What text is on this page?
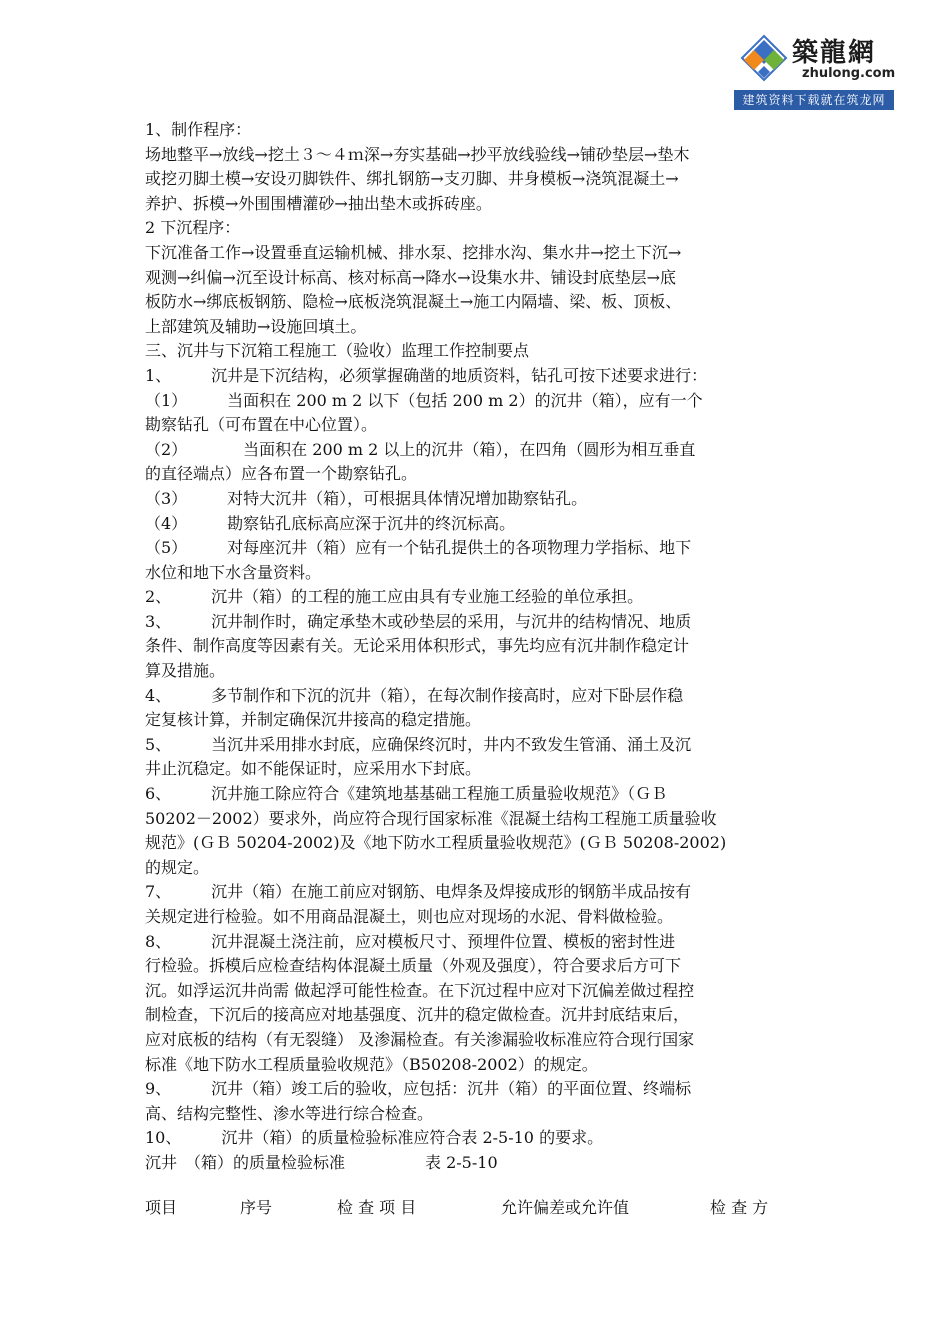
築龍網
zhulong.com
建筑资料下载就在筑龙网
1、制作程序：
场地整平→放线→挖土３～４ｍ深→夯实基础→抄平放线验线→铺砂垫层→垫木
或挖刃脚土模→安设刃脚铁件、绑扎钢筋→支刃脚、井身模板→浇筑混凝土→
养护、拆模→外围围槽灌砂→抽出垫木或拆砖座。
2 下沉程序：
下沉准备工作→设置垂直运输机械、排水泵、挖排水沟、集水井→挖土下沉→
观测→纠偏→沉至设计标高、核对标高→降水→设集水井、铺设封底垫层→底
板防水→绑底板钢筋、隐检→底板浇筑混凝土→施工内隔墙、梁、板、顶板、
上部建筑及辅助→设施回填土。
三、沉井与下沉箱工程施工（验收）监理工作控制要点
1、　　　沉井是下沉结构，必须掌握确凿的地质资料，钻孔可按下述要求进行：
（1）　　　当面积在 200 m 2 以下（包括 200 m 2）的沉井（箱），应有一个
勘察钻孔（可布置在中心位置）。
（2）　　　　当面积在 200 m 2 以上的沉井（箱），在四角（圆形为相互垂直
的直径端点）应各布置一个勘察钻孔。
（3）　　　对特大沉井（箱），可根据具体情况增加勘察钻孔。
（4）　　　勘察钻孔底标高应深于沉井的终沉标高。
（5）　　　对每座沉井（箱）应有一个钻孔提供土的各项物理力学指标、地下
水位和地下水含量资料。
2、　　　沉井（箱）的工程的施工应由具有专业施工经验的单位承担。
3、　　　沉井制作时，确定承垫木或砂垫层的采用，与沉井的结构情况、地质
条件、制作高度等因素有关。无论采用体积形式，事先均应有沉井制作稳定计
算及措施。
4、　　　多节制作和下沉的沉井（箱），在每次制作接高时，应对下卧层作稳
定复核计算，并制定确保沉井接高的稳定措施。
5、　　　当沉井采用排水封底，应确保终沉时，井内不致发生管涌、涌土及沉
井止沉稳定。如不能保证时，应采用水下封底。
6、　　　沉井施工除应符合《建筑地基基础工程施工质量验收规范》（ＧＢ
50202－2002）要求外，尚应符合现行国家标准《混凝土结构工程施工质量验收
规范》(ＧＢ 50204-2002)及《地下防水工程质量验收规范》(ＧＢ 50208-2002)
的规定。
7、　　　沉井（箱）在施工前应对钢筋、电焊条及焊接成形的钢筋半成品按有
关规定进行检验。如不用商品混凝土，则也应对现场的水泥、骨料做检验。
8、　　　沉井混凝土浇注前，应对模板尺寸、预埋件位置、模板的密封性进
行检验。拆模后应检查结构体混凝土质量（外观及强度），符合要求后方可下
沉。如浮运沉井尚需 做起浮可能性检查。在下沉过程中应对下沉偏差做过程控
制检查，下沉后的接高应对地基强度、沉井的稳定做检查。沉井封底结束后，
应对底板的结构（有无裂缝） 及渗漏检查。有关渗漏验收标准应符合现行国家
标准《地下防水工程质量验收规范》（B50208-2002）的规定。
9、　　　沉井（箱）竣工后的验收，应包括：沉井（箱）的平面位置、终端标
高、结构完整性、渗水等进行综合检查。
10、　　　沉井（箱）的质量检验标准应符合表 2-5-10 的要求。
沉井　（箱）的质量检验标准　　　　　表 2-5-10
项目	序号	检 查 项 目	允许偏差或允许值	检 查 方
